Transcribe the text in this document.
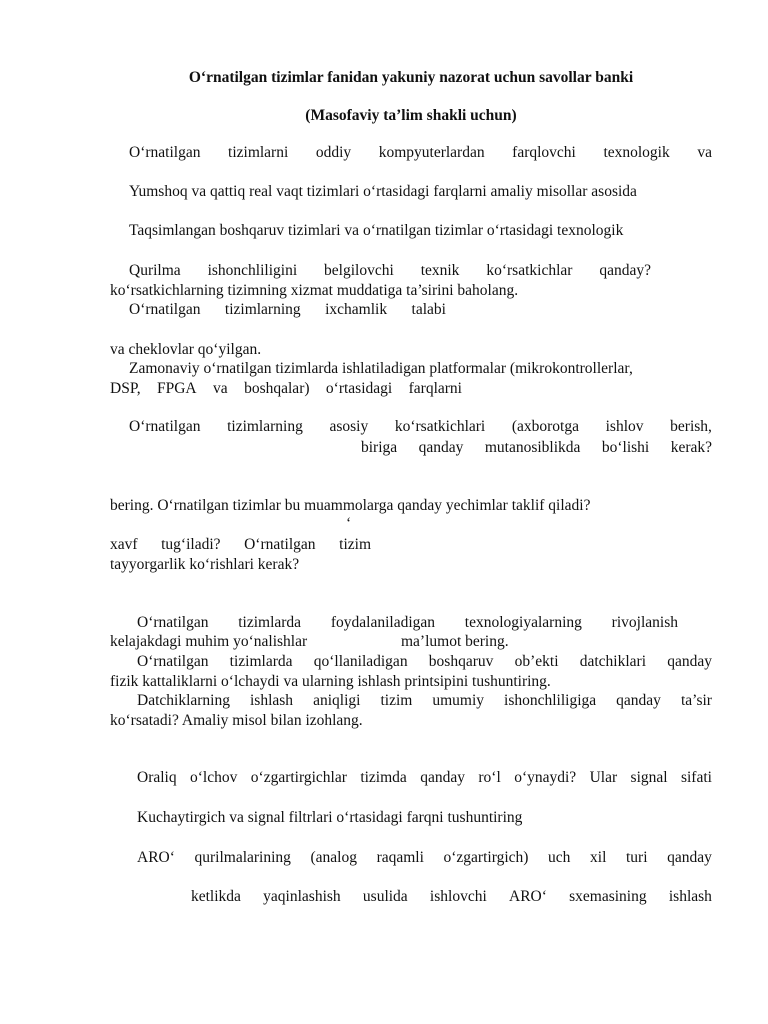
O‘rnatilgan tizimlar fanidan yakuniy nazorat uchun savollar banki

(Masofaviy ta’lim shakli uchun)

O‘rnatilgan tizimlarni oddiy kompyuterlardan farqlovchi texnologik va

Yumshoq va qattiq real vaqt tizimlari o‘rtasidagi farqlarni amaliy misollar asosida

Taqsimlangan boshqaruv tizimlari va o‘rnatilgan tizimlar o‘rtasidagi texnologik

Qurilma ishonchliligini belgilovchi texnik ko‘rsatkichlar qanday?

ko‘rsatkichlarning tizimning xizmat muddatiga ta’sirini baholang.

O‘rnatilgan tizimlarning ixchamlik talabi

va cheklovlar qo‘yilgan.

Zamonaviy o‘rnatilgan tizimlarda ishlatiladigan platformalar (mikrokontrollerlar,

DSP, FPGA va boshqalar) o‘rtasidagi farqlarni

O‘rnatilgan tizimlarning asosiy ko‘rsatkichlari (axborotga ishlov berish,

biriga qanday mutanosiblikda bo‘lishi kerak?

bering. O‘rnatilgan tizimlar bu muammolarga qanday yechimlar taklif qiladi?

‘

xavf tug‘iladi? O‘rnatilgan tizim

tayyorgarlik ko‘rishlari kerak?

O‘rnatilgan tizimlarda foydalaniladigan texnologiyalarning rivojlanish

kelajakdagi muhim yo‘nalishlar	ma’lumot bering.

O‘rnatilgan tizimlarda qo‘llaniladigan boshqaruv ob’ekti datchiklari qanday

fizik kattaliklarni o‘lchaydi va ularning ishlash printsipini tushuntiring.

Datchiklarning ishlash aniqligi tizim umumiy ishonchliligiga qanday ta’sir

ko‘rsatadi? Amaliy misol bilan izohlang.

Oraliq o‘lchov o‘zgartirgichlar tizimda qanday ro‘l o‘ynaydi? Ular signal sifati

Kuchaytirgich va signal filtrlari o‘rtasidagi farqni tushuntiring

ARO‘ qurilmalarining (analog raqamli o‘zgartirgich) uch xil turi qanday

ketlikda yaqinlashish usulida ishlovchi ARO‘ sxemasining ishlash
